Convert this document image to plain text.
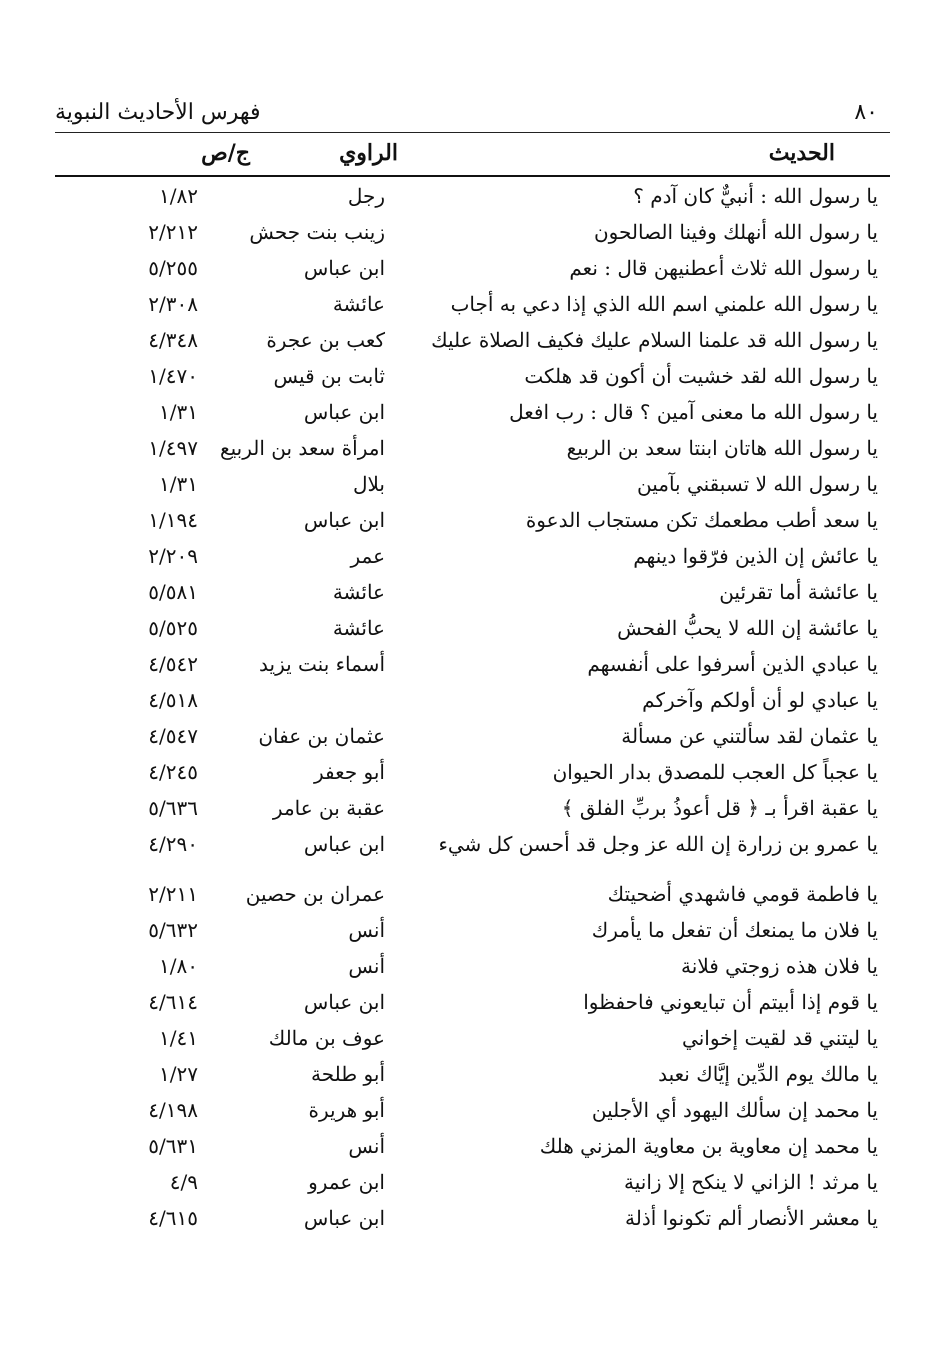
٨٠
فهرس الأحاديث النبوية
الحديث
الراوي
ج/ص
يا رسول الله : أنبيٌّ كان آدم ؟
رجل
١/٨٢
يا رسول الله أنهلك وفينا الصالحون
زينب بنت جحش
٢/٢١٢
يا رسول الله ثلاث أعطنيهن قال : نعم
ابن عباس
٥/٢٥٥
يا رسول الله علمني اسم الله الذي إذا دعي به أجاب
عائشة
٢/٣٠٨
يا رسول الله قد علمنا السلام عليك فكيف الصلاة عليك
كعب بن عجرة
٤/٣٤٨
يا رسول الله لقد خشيت أن أكون قد هلكت
ثابت بن قيس
١/٤٧٠
يا رسول الله ما معنى آمين ؟ قال : رب افعل
ابن عباس
١/٣١
يا رسول الله هاتان ابنتا سعد بن الربيع
امرأة سعد بن الربيع
١/٤٩٧
يا رسول الله لا تسبقني بآمين
بلال
١/٣١
يا سعد أطب مطعمك تكن مستجاب الدعوة
ابن عباس
١/١٩٤
يا عائش إن الذين فرّقوا دينهم
عمر
٢/٢٠٩
يا عائشة أما تقرئين
عائشة
٥/٥٨١
يا عائشة إن الله لا يحبُّ الفحش
عائشة
٥/٥٢٥
يا عبادي الذين أسرفوا على أنفسهم
أسماء بنت يزيد
٤/٥٤٢
يا عبادي لو أن أولكم وآخركم
٤/٥١٨
يا عثمان لقد سألتني عن مسألة
عثمان بن عفان
٤/٥٤٧
يا عجباً كل العجب للمصدق بدار الحيوان
أبو جعفر
٤/٢٤٥
يا عقبة اقرأ بـ ﴿ قل أعوذُ بربِّ الفلق ﴾
عقبة بن عامر
٥/٦٣٦
يا عمرو بن زرارة إن الله عز وجل قد أحسن كل شيء
ابن عباس
٤/٢٩٠
يا فاطمة قومي فاشهدي أضحيتك
عمران بن حصين
٢/٢١١
يا فلان ما يمنعك أن تفعل ما يأمرك
أنس
٥/٦٣٢
يا فلان هذه زوجتي فلانة
أنس
١/٨٠
يا قوم إذا أبيتم أن تبايعوني فاحفظوا
ابن عباس
٤/٦١٤
يا ليتني قد لقيت إخواني
عوف بن مالك
١/٤١
يا مالك يوم الدِّين إيَّاك نعبد
أبو طلحة
١/٢٧
يا محمد إن سألك اليهود أي الأجلين
أبو هريرة
٤/١٩٨
يا محمد إن معاوية بن معاوية المزني هلك
أنس
٥/٦٣١
يا مرثد ! الزاني لا ينكح إلا زانية
ابن عمرو
٤/٩
يا معشر الأنصار ألم تكونوا أذلة
ابن عباس
٤/٦١٥
